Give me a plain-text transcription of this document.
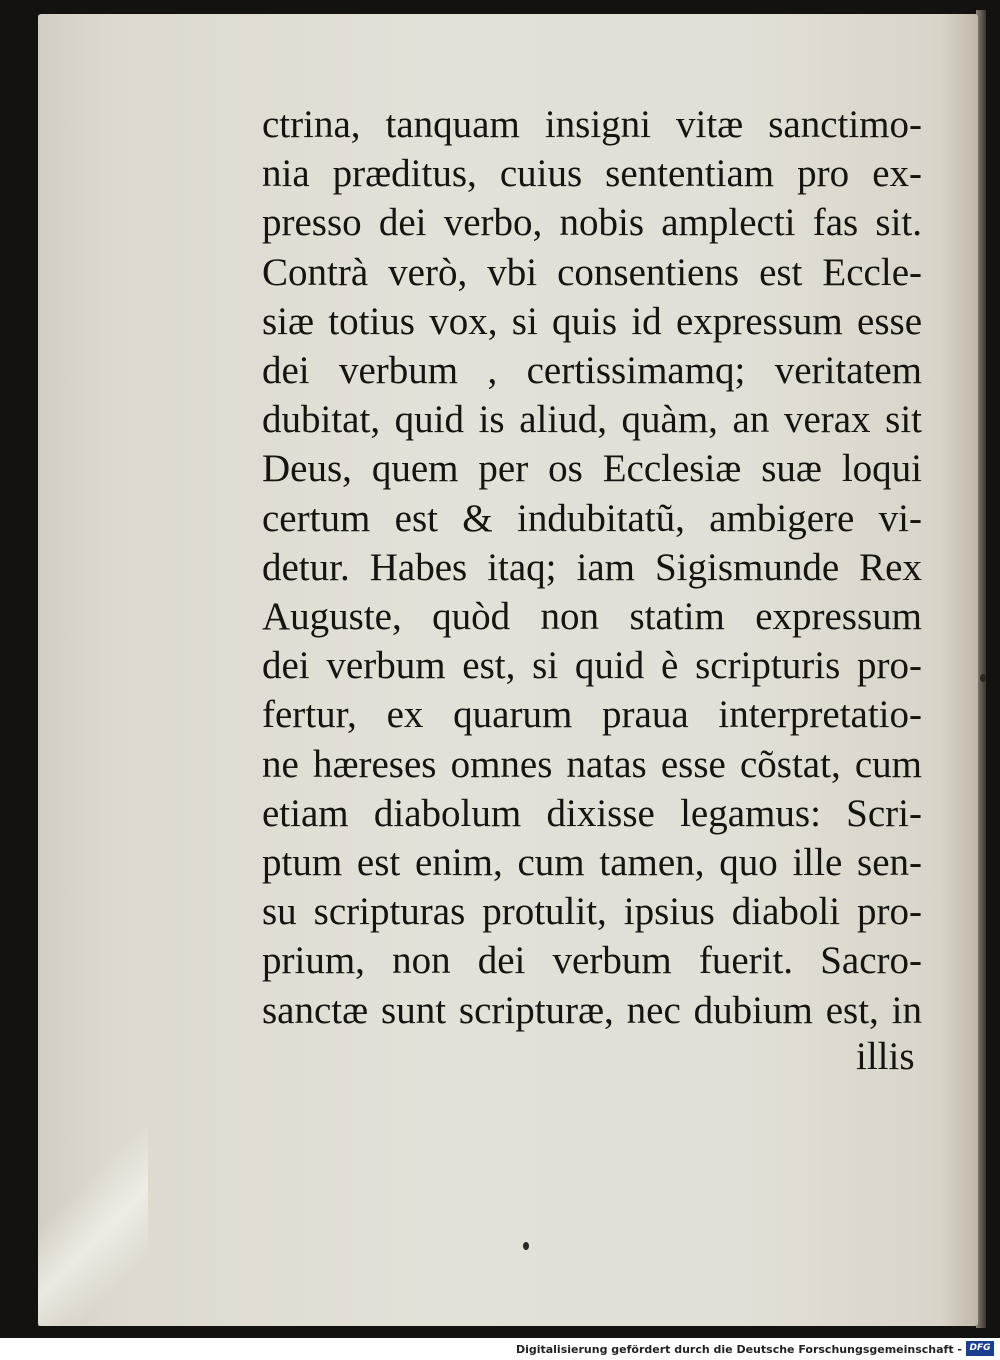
ctrina, tanquam insigni vitæ sanctimo-
nia præditus, cuius sententiam pro ex-
presso dei verbo, nobis amplecti fas sit.
Contrà verò, vbi consentiens est Eccle-
siæ totius vox, si quis id expressum esse
dei verbum , certissimamq; veritatem
dubitat, quid is aliud, quàm, an verax sit
Deus, quem per os Ecclesiæ suæ loqui
certum est & indubitatũ, ambigere vi-
detur. Habes itaq; iam Sigismunde Rex
Auguste, quòd non statim expressum
dei verbum est, si quid è scripturis pro-
fertur, ex quarum praua interpretatio-
ne hæreses omnes natas esse cõstat, cum
etiam diabolum dixisse legamus: Scri-
ptum est enim, cum tamen, quo ille sen-
su scripturas protulit, ipsius diaboli pro-
prium, non dei verbum fuerit. Sacro-
sanctæ sunt scripturæ, nec dubium est, in
illis
Digitalisierung gefördert durch die Deutsche Forschungsgemeinschaft - DFG
